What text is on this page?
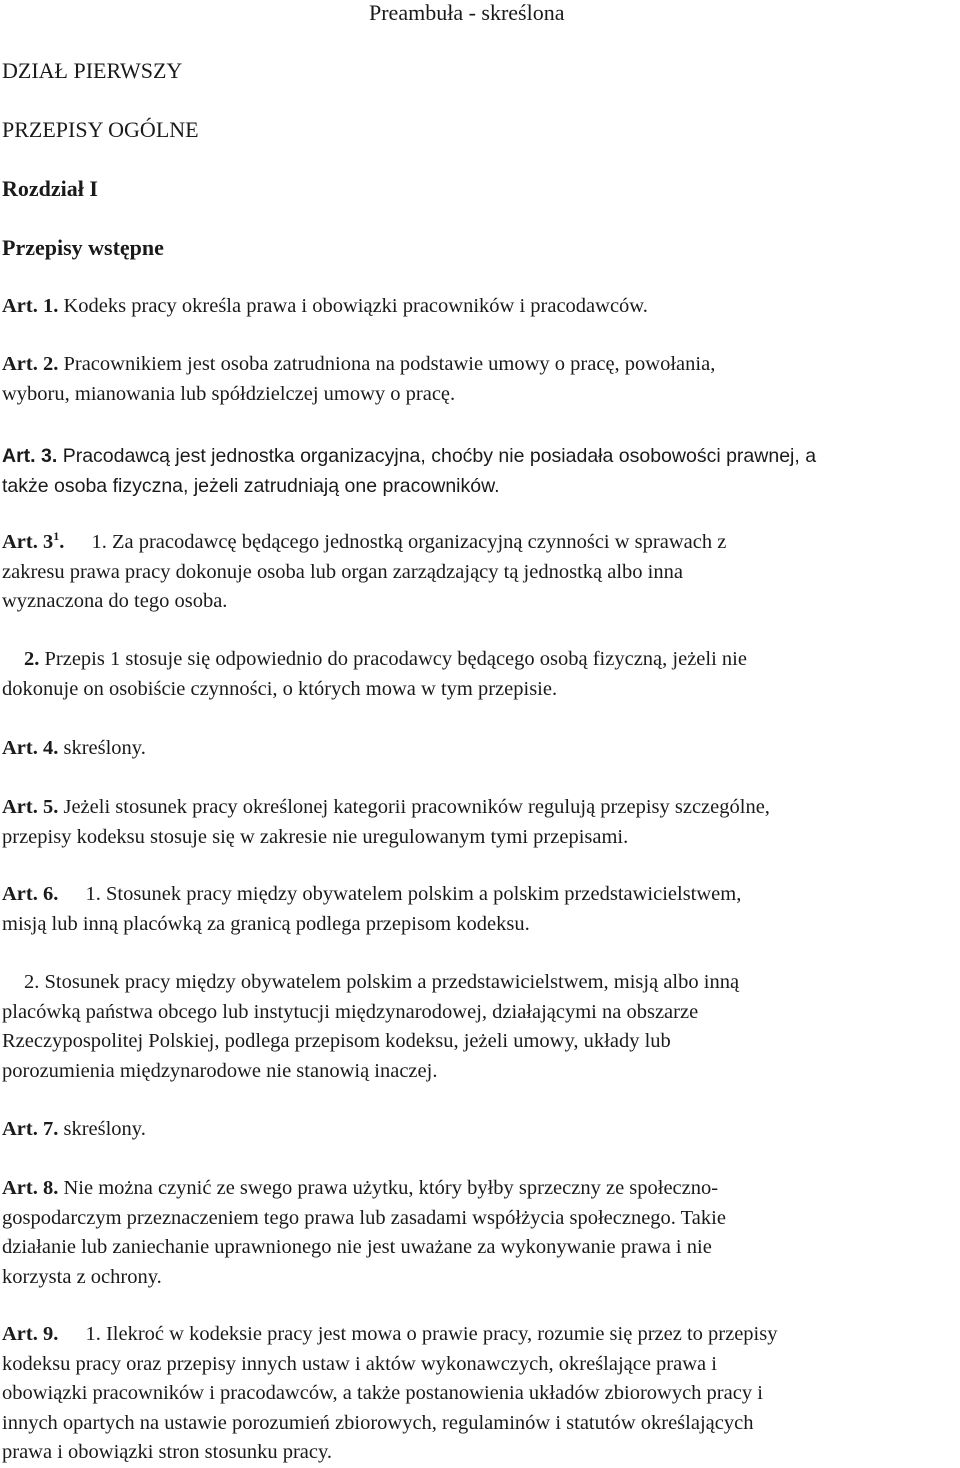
Preambuła - skreślona
DZIAŁ PIERWSZY
PRZEPISY OGÓLNE
Rozdział I
Przepisy wstępne
Art. 1. Kodeks pracy określa prawa i obowiązki pracowników i pracodawców.
Art. 2. Pracownikiem jest osoba zatrudniona na podstawie umowy o pracę, powołania,
wyboru, mianowania lub spółdzielczej umowy o pracę.
Art. 3. Pracodawcą jest jednostka organizacyjna, choćby nie posiadała osobowości prawnej, a
także osoba fizyczna, jeżeli zatrudniają one pracowników.
Art. $3^1$. 1. Za pracodawcę będącego jednostką organizacyjną czynności w sprawach z
zakresu prawa pracy dokonuje osoba lub organ zarządzający tą jednostką albo inna
wyznaczona do tego osoba.
2. Przepis 1 stosuje się odpowiednio do pracodawcy będącego osobą fizyczną, jeżeli nie
dokonuje on osobiście czynności, o których mowa w tym przepisie.
Art. 4. skreślony.
Art. 5. Jeżeli stosunek pracy określonej kategorii pracowników regulują przepisy szczególne,
przepisy kodeksu stosuje się w zakresie nie uregulowanym tymi przepisami.
Art. 6. 1. Stosunek pracy między obywatelem polskim a polskim przedstawicielstwem,
misją lub inną placówką za granicą podlega przepisom kodeksu.
2. Stosunek pracy między obywatelem polskim a przedstawicielstwem, misją albo inną
placówką państwa obcego lub instytucji międzynarodowej, działającymi na obszarze
Rzeczypospolitej Polskiej, podlega przepisom kodeksu, jeżeli umowy, układy lub
porozumienia międzynarodowe nie stanowią inaczej.
Art. 7. skreślony.
Art. 8. Nie można czynić ze swego prawa użytku, który byłby sprzeczny ze społeczno-
gospodarczym przeznaczeniem tego prawa lub zasadami współżycia społecznego. Takie
działanie lub zaniechanie uprawnionego nie jest uważane za wykonywanie prawa i nie
korzysta z ochrony.
Art. 9. 1. Ilekroć w kodeksie pracy jest mowa o prawie pracy, rozumie się przez to przepisy
kodeksu pracy oraz przepisy innych ustaw i aktów wykonawczych, określające prawa i
obowiązki pracowników i pracodawców, a także postanowienia układów zbiorowych pracy i
innych opartych na ustawie porozumień zbiorowych, regulaminów i statutów określających
prawa i obowiązki stron stosunku pracy.
